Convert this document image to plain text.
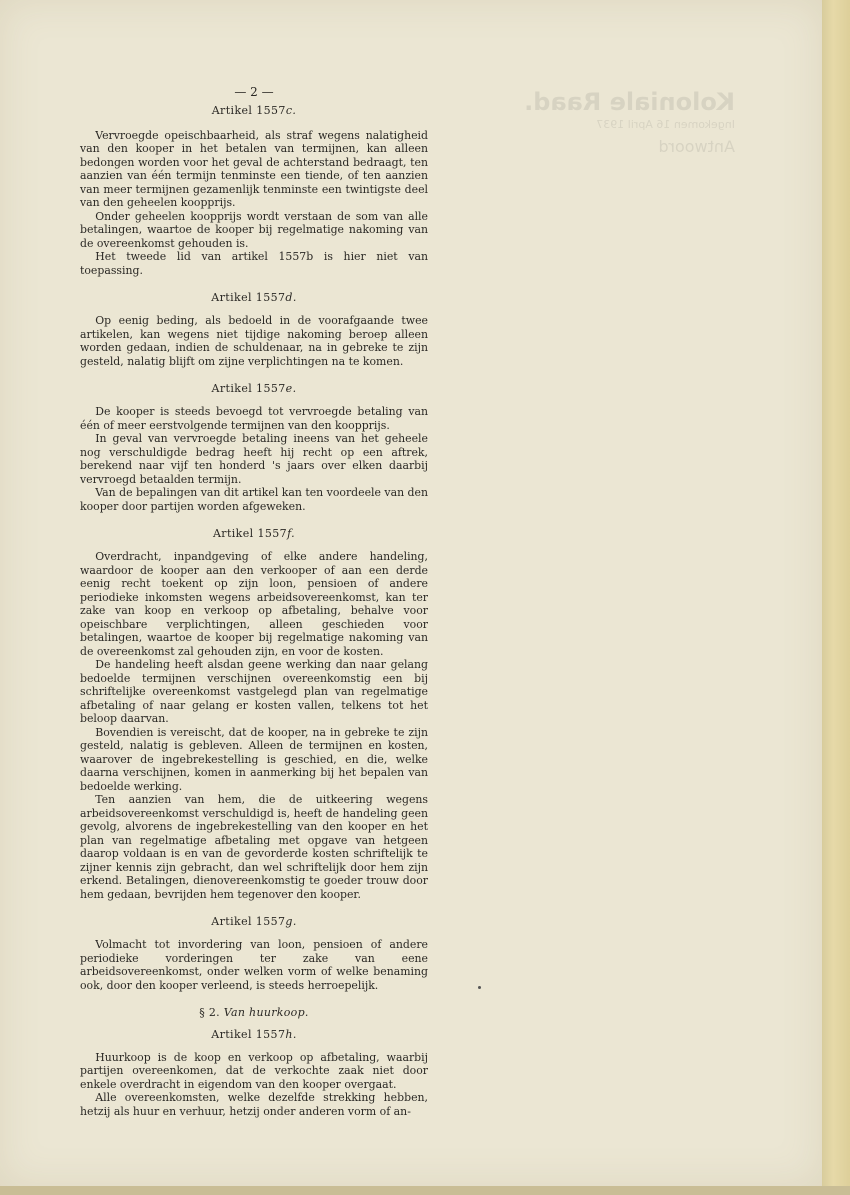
Koloniale Raad.
Ingekomen 16 April 1937
Antwoord
— 2 —
Artikel 1557c.

Vervroegde opeischbaarheid, als straf wegens nalatigheid van den kooper in het betalen van termijnen, kan alleen bedongen worden voor het geval de achterstand bedraagt, ten aanzien van één termijn tenminste een tiende, of ten aanzien van meer termijnen gezamenlijk tenminste een twintigste deel van den geheelen koopprijs.

Onder geheelen koopprijs wordt verstaan de som van alle betalingen, waartoe de kooper bij regelmatige nakoming van de overeenkomst gehouden is.

Het tweede lid van artikel 1557b is hier niet van toepassing.

Artikel 1557d.

Op eenig beding, als bedoeld in de voorafgaande twee artikelen, kan wegens niet tijdige nakoming beroep alleen worden gedaan, indien de schuldenaar, na in gebreke te zijn gesteld, nalatig blijft om zijne verplichtingen na te komen.

Artikel 1557e.

De kooper is steeds bevoegd tot vervroegde betaling van één of meer eerstvolgende termijnen van den koopprijs.

In geval van vervroegde betaling ineens van het geheele nog verschuldigde bedrag heeft hij recht op een aftrek, berekend naar vijf ten honderd 's jaars over elken daarbij vervroegd betaalden termijn.

Van de bepalingen van dit artikel kan ten voordeele van den kooper door partijen worden afgeweken.

Artikel 1557f.

Overdracht, inpandgeving of elke andere handeling, waardoor de kooper aan den verkooper of aan een derde eenig recht toekent op zijn loon, pensioen of andere periodieke inkomsten wegens arbeidsovereenkomst, kan ter zake van koop en verkoop op afbetaling, behalve voor opeischbare verplichtingen, alleen geschieden voor betalingen, waartoe de kooper bij regelmatige nakoming van de overeenkomst zal gehouden zijn, en voor de kosten.

De handeling heeft alsdan geene werking dan naar gelang bedoelde termijnen verschijnen overeenkomstig een bij schriftelijke overeenkomst vastgelegd plan van regelmatige afbetaling of naar gelang er kosten vallen, telkens tot het beloop daarvan.

Bovendien is vereischt, dat de kooper, na in gebreke te zijn gesteld, nalatig is gebleven. Alleen de termijnen en kosten, waarover de ingebrekestelling is geschied, en die, welke daarna verschijnen, komen in aanmerking bij het bepalen van bedoelde werking.

Ten aanzien van hem, die de uitkeering wegens arbeidsovereenkomst verschuldigd is, heeft de handeling geen gevolg, alvorens de ingebrekestelling van den kooper en het plan van regelmatige afbetaling met opgave van hetgeen daarop voldaan is en van de gevorderde kosten schriftelijk te zijner kennis zijn gebracht, dan wel schriftelijk door hem zijn erkend. Betalingen, dienovereenkomstig te goeder trouw door hem gedaan, bevrijden hem tegenover den kooper.

Artikel 1557g.

Volmacht tot invordering van loon, pensioen of andere periodieke vorderingen ter zake van eene arbeidsovereenkomst, onder welken vorm of welke benaming ook, door den kooper verleend, is steeds herroepelijk.

§ 2. Van huurkoop.
Artikel 1557h.

Huurkoop is de koop en verkoop op afbetaling, waarbij partijen overeenkomen, dat de verkochte zaak niet door enkele overdracht in eigendom van den kooper overgaat.

Alle overeenkomsten, welke dezelfde strekking hebben, hetzij als huur en verhuur, hetzij onder anderen vorm of an-
